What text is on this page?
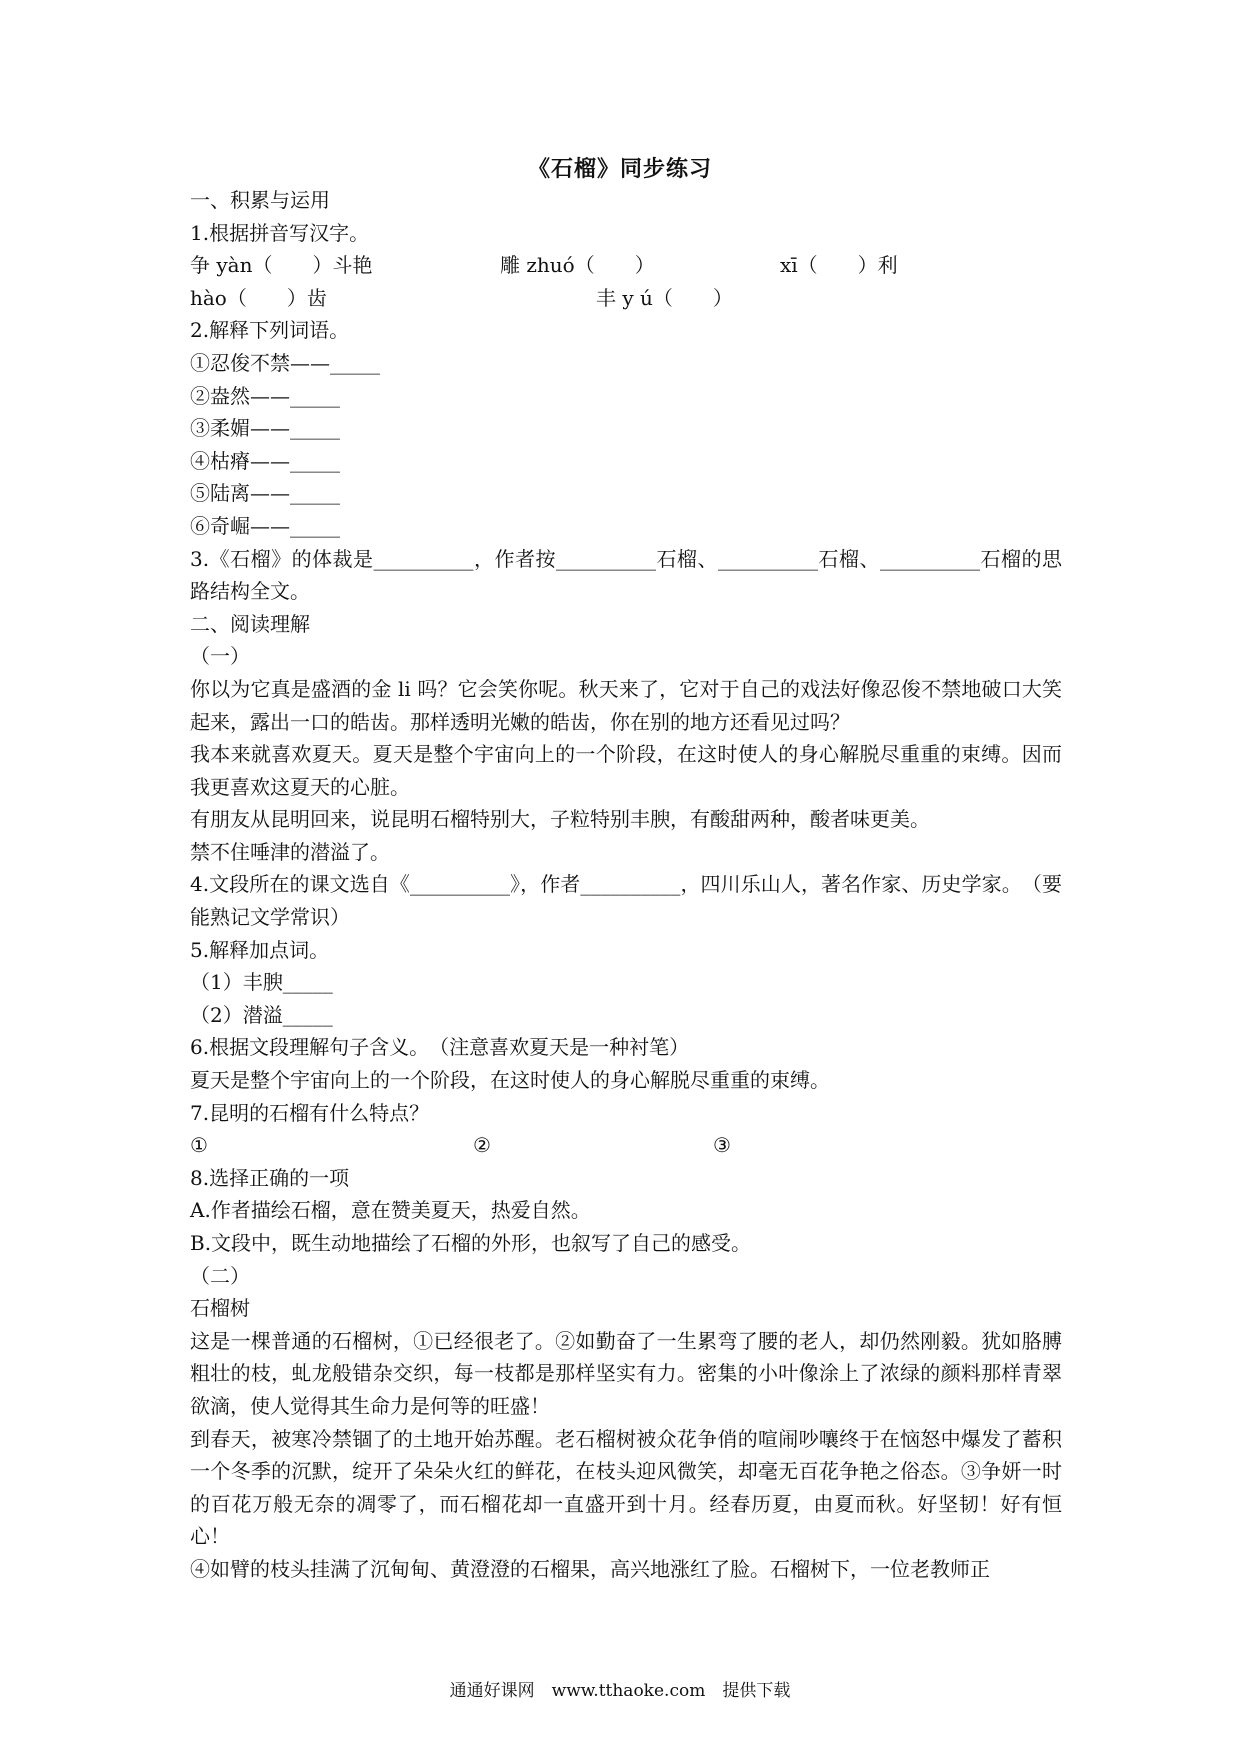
《石榴》同步练习
一、积累与运用
1.根据拼音写汉字。
争 yàn（　　）斗艳	雕 zhuó（　　）	xī（　　）利
hào（　　）齿	丰 y ú（　　）
2.解释下列词语。
①忍俊不禁——_____
②盎然——_____
③柔媚——_____
④枯瘠——_____
⑤陆离——_____
⑥奇崛——_____
3.《石榴》的体裁是__________，作者按__________石榴、__________石榴、__________石榴的思路结构全文。
二、阅读理解
（一）
你以为它真是盛酒的金 li 吗？它会笑你呢。秋天来了，它对于自己的戏法好像忍俊不禁地破口大笑起来，露出一口的皓齿。那样透明光嫩的皓齿，你在别的地方还看见过吗？
我本来就喜欢夏天。夏天是整个宇宙向上的一个阶段，在这时使人的身心解脱尽重重的束缚。因而我更喜欢这夏天的心脏。
有朋友从昆明回来，说昆明石榴特别大，子粒特别丰腴，有酸甜两种，酸者味更美。
禁不住唾津的潜溢了。
4.文段所在的课文选自《__________》，作者__________，四川乐山人，著名作家、历史学家。　（要能熟记文学常识）
5.解释加点词。
（1）丰腴_____
（2）潜溢_____
6.根据文段理解句子含义。　（注意喜欢夏天是一种衬笔）
夏天是整个宇宙向上的一个阶段，在这时使人的身心解脱尽重重的束缚。
7.昆明的石榴有什么特点？
①	②	③
8.选择正确的一项
A.作者描绘石榴，意在赞美夏天，热爱自然。
B.文段中，既生动地描绘了石榴的外形，也叙写了自己的感受。
（二）
石榴树
这是一棵普通的石榴树，①已经很老了。②如勤奋了一生累弯了腰的老人，却仍然刚毅。犹如胳膊粗壮的枝，虬龙般错杂交织，每一枝都是那样坚实有力。密集的小叶像涂上了浓绿的颜料那样青翠欲滴，使人觉得其生命力是何等的旺盛！
到春天，被寒冷禁锢了的土地开始苏醒。老石榴树被众花争俏的喧闹吵嚷终于在恼怒中爆发了蓄积一个冬季的沉默，绽开了朵朵火红的鲜花，在枝头迎风微笑，却毫无百花争艳之俗态。③争妍一时的百花万般无奈的凋零了，而石榴花却一直盛开到十月。经春历夏，由夏而秋。好坚韧！好有恒心！
④如臂的枝头挂满了沉甸甸、黄澄澄的石榴果，高兴地涨红了脸。石榴树下，一位老教师正
通通好课网　www.tthaoke.com　提供下载
